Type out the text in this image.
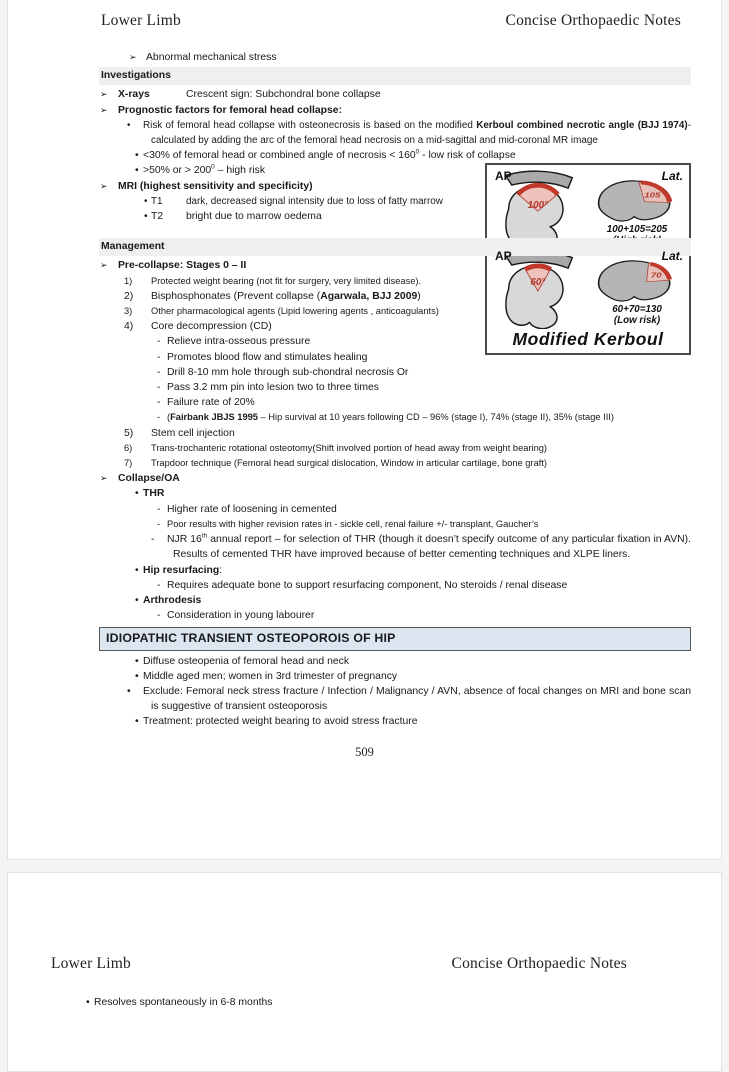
Lower Limb	Concise Orthopaedic Notes
➢ Abnormal mechanical stress
Investigations
➢ X-rays	Crescent sign: Subchondral bone collapse
➢ Prognostic factors for femoral head collapse:
•	Risk of femoral head collapse with osteonecrosis is based on the modified Kerboul combined necrotic angle (BJJ 1974)- calculated by adding the arc of the femoral head necrosis on a mid-sagittal and mid-coronal MR image
• <30% of femoral head or combined angle of necrosis < $160^0$ - low risk of collapse
AP
100°
Lat.
105
100+105=205
AP
60°
Lat.
70
60+70=130
(Low risk)
Modified Kerboul
• >50% or > $200^0$ – high risk
➢ MRI (highest sensitivity and specificity)
• T1 dark, decreased signal intensity due to loss of fatty marrow
• T2 bright due to marrow oedema
Management
➢ Pre-collapse: Stages 0 – II
1) Protected weight bearing (not fit for surgery, very limited disease).
2) Bisphosphonates (Prevent collapse (Agarwala, BJJ 2009)
3) Other pharmacological agents (Lipid lowering agents , anticoagulants)
4) Core decompression (CD)
- Relieve intra-osseous pressure
- Promotes blood flow and stimulates healing
- Drill 8-10 mm hole through sub-chondral necrosis Or
- Pass 3.2 mm pin into lesion two to three times
- Failure rate of 20%
- (Fairbank JBJS 1995 – Hip survival at 10 years following CD – 96% (stage I), 74% (stage II), 35% (stage III)
5) Stem cell injection
6) Trans-trochanteric rotational osteotomy(Shift involved portion of head away from weight bearing)
7) Trapdoor technique (Femoral head surgical dislocation, Window in articular cartilage, bone graft)
➢ Collapse/OA
• THR
- Higher rate of loosening in cemented
- Poor results with higher revision rates in - sickle cell, renal failure +/- transplant, Gaucher’s
- NJR 16th annual report – for selection of THR (though it doesn’t specify outcome of any particular fixation in AVN). Results of cemented THR have improved because of better cementing techniques and XLPE liners.
• Hip resurfacing:
- Requires adequate bone to support resurfacing component, No steroids / renal disease
• Arthrodesis
- Consideration in young labourer
IDIOPATHIC TRANSIENT OSTEOPOROIS OF HIP
• Diffuse osteopenia of femoral head and neck
• Middle aged men; women in 3rd trimester of pregnancy
•	Exclude: Femoral neck stress fracture / Infection / Malignancy / AVN, absence of focal changes on MRI and bone scan is suggestive of transient osteoporosis
• Treatment: protected weight bearing to avoid stress fracture
509
Lower Limb	Concise Orthopaedic Notes
• Resolves spontaneously in 6-8 months
